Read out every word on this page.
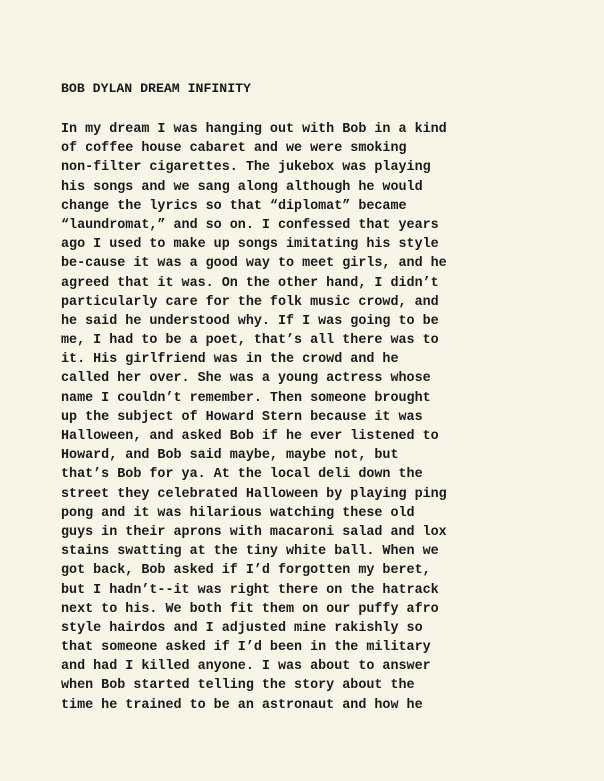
BOB DYLAN DREAM INFINITY
In my dream I was hanging out with Bob in a kind
of coffee house cabaret and we were smoking
non-filter cigarettes. The jukebox was playing
his songs and we sang along although he would
change the lyrics so that “diplomat” became
“laundromat,” and so on. I confessed that years
ago I used to make up songs imitating his style
be-cause it was a good way to meet girls, and he
agreed that it was. On the other hand, I didn’t
particularly care for the folk music crowd, and
he said he understood why. If I was going to be
me, I had to be a poet, that’s all there was to
it. His girlfriend was in the crowd and he
called her over. She was a young actress whose
name I couldn’t remember. Then someone brought
up the subject of Howard Stern because it was
Halloween, and asked Bob if he ever listened to
Howard, and Bob said maybe, maybe not, but
that’s Bob for ya. At the local deli down the
street they celebrated Halloween by playing ping
pong and it was hilarious watching these old
guys in their aprons with macaroni salad and lox
stains swatting at the tiny white ball. When we
got back, Bob asked if I’d forgotten my beret,
but I hadn’t--it was right there on the hatrack
next to his. We both fit them on our puffy afro
style hairdos and I adjusted mine rakishly so
that someone asked if I’d been in the military
and had I killed anyone. I was about to answer
when Bob started telling the story about the
time he trained to be an astronaut and how he
